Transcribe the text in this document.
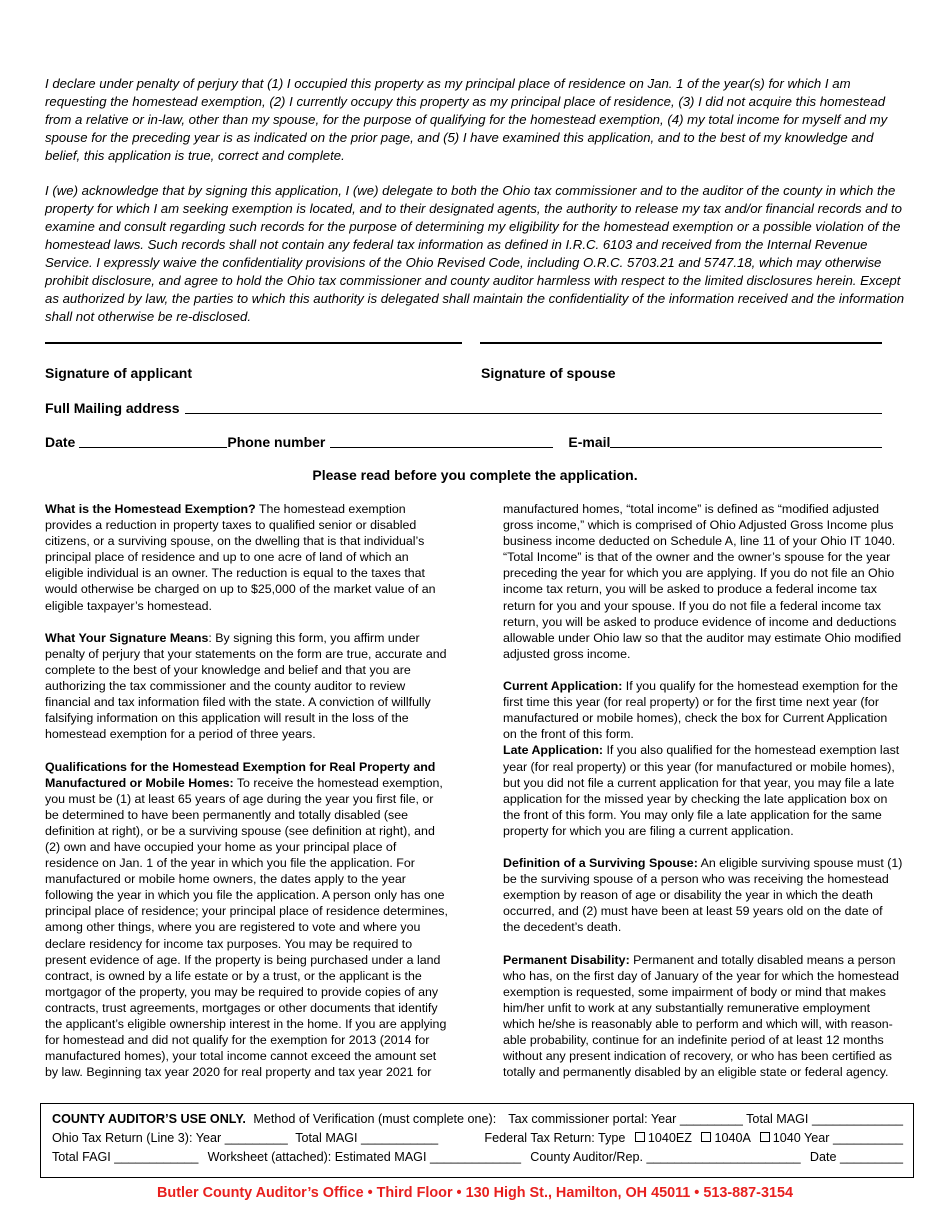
I declare under penalty of perjury that (1) I occupied this property as my principal place of residence on Jan. 1 of the year(s) for which I am requesting the homestead exemption, (2) I currently occupy this property as my principal place of residence, (3) I did not acquire this homestead from a relative or in-law, other than my spouse, for the purpose of qualifying for the homestead exemption, (4) my total income for myself and my spouse for the preceding year is as indicated on the prior page, and (5) I have examined this application, and to the best of my knowledge and belief, this application is true, correct and complete.

I (we) acknowledge that by signing this application, I (we) delegate to both the Ohio tax commissioner and to the auditor of the county in which the property for which I am seeking exemption is located, and to their designated agents, the authority to release my tax and/or financial records and to examine and consult regarding such records for the purpose of determining my eligibility for the homestead exemption or a possible violation of the homestead laws. Such records shall not contain any federal tax information as defined in I.R.C. 6103 and received from the Internal Revenue Service. I expressly waive the confidentiality provisions of the Ohio Revised Code, including O.R.C. 5703.21 and 5747.18, which may otherwise prohibit disclosure, and agree to hold the Ohio tax commissioner and county auditor harmless with respect to the limited disclosures herein. Except as authorized by law, the parties to which this authority is delegated shall maintain the confidentiality of the information received and the information shall not otherwise be re-disclosed.

Signature of applicant	Signature of spouse
Full Mailing address
Date	Phone number	E-mail

Please read before you complete the application.

What is the Homestead Exemption? The homestead exemption provides a reduction in property taxes to qualified senior or disabled citizens, or a surviving spouse, on the dwelling that is that individual’s principal place of residence and up to one acre of land of which an eligible individual is an owner. The reduction is equal to the taxes that would otherwise be charged on up to $25,000 of the market value of an eligible taxpayer’s homestead.

What Your Signature Means: By signing this form, you affirm under penalty of perjury that your statements on the form are true, accurate and complete to the best of your knowledge and belief and that you are authorizing the tax commissioner and the county auditor to review financial and tax information filed with the state. A conviction of willfully falsifying information on this application will result in the loss of the homestead exemption for a period of three years.

Qualifications for the Homestead Exemption for Real Property and Manufactured or Mobile Homes: To receive the homestead exemption, you must be (1) at least 65 years of age during the year you first file, or be determined to have been permanently and totally disabled (see definition at right), or be a surviving spouse (see definition at right), and (2) own and have occupied your home as your principal place of residence on Jan. 1 of the year in which you file the application. For manufactured or mobile home owners, the dates apply to the year following the year in which you file the application. A person only has one principal place of residence; your principal place of residence determines, among other things, where you are registered to vote and where you declare residency for income tax purposes. You may be required to present evidence of age. If the property is being purchased under a land contract, is owned by a life estate or by a trust, or the applicant is the mortgagor of the property, you may be required to provide copies of any contracts, trust agreements, mortgages or other documents that identify the applicant’s eligible ownership interest in the home. If you are applying for homestead and did not qualify for the exemption for 2013 (2014 for manufactured homes), your total income cannot exceed the amount set by law. Beginning tax year 2020 for real property and tax year 2021 for

manufactured homes, “total income” is defined as “modified adjusted gross income,” which is comprised of Ohio Adjusted Gross Income plus business income deducted on Schedule A, line 11 of your Ohio IT 1040. “Total Income” is that of the owner and the owner’s spouse for the year preceding the year for which you are applying. If you do not file an Ohio income tax return, you will be asked to produce a federal income tax return for you and your spouse. If you do not file a federal income tax return, you will be asked to produce evidence of income and deductions allowable under Ohio law so that the auditor may estimate Ohio modified adjusted gross income.

Current Application: If you qualify for the homestead exemption for the first time this year (for real property) or for the first time next year (for manufactured or mobile homes), check the box for Current Application on the front of this form.

Late Application: If you also qualified for the homestead exemption last year (for real property) or this year (for manufactured or mobile homes), but you did not file a current application for that year, you may file a late application for the missed year by checking the late application box on the front of this form. You may only file a late application for the same property for which you are filing a current application.

Definition of a Surviving Spouse: An eligible surviving spouse must (1) be the surviving spouse of a person who was receiving the homestead exemption by reason of age or disability the year in which the death occurred, and (2) must have been at least 59 years old on the date of the decedent’s death.

Permanent Disability: Permanent and totally disabled means a person who has, on the first day of January of the year for which the homestead exemption is requested, some impairment of body or mind that makes him/her unfit to work at any substantially remunerative employment which he/she is reasonably able to perform and which will, with reason-able probability, continue for an indefinite period of at least 12 months without any present indication of recovery, or who has been certified as totally and permanently disabled by an eligible state or federal agency.

COUNTY AUDITOR’S USE ONLY. Method of Verification (must complete one): Tax commissioner portal: Year _________ Total MAGI _____________
Ohio Tax Return (Line 3): Year _________ Total MAGI ___________	Federal Tax Return: Type 1040EZ 1040A 1040 Year __________
Total FAGI ____________ Worksheet (attached): Estimated MAGI _____________ County Auditor/Rep. ______________________ Date _________

Butler County Auditor’s Office • Third Floor • 130 High St., Hamilton, OH 45011 • 513-887-3154
